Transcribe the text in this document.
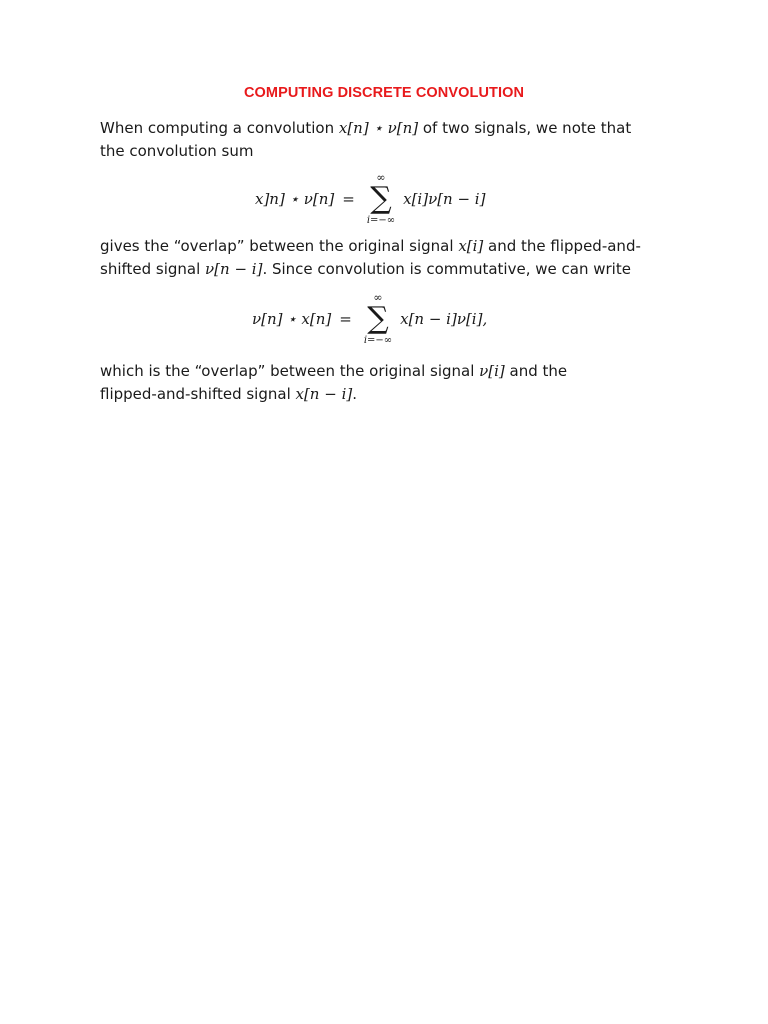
COMPUTING DISCRETE CONVOLUTION
When computing a convolution x[n] ⋆ ν[n] of two signals, we note that
the convolution sum
x]n] ⋆ ν[n] =
∞
∑
i=−∞
x[i]ν[n − i]
gives the “overlap” between the original signal x[i] and the flipped-and-
shifted signal ν[n − i]. Since convolution is commutative, we can write
ν[n] ⋆ x[n] =
∞
∑
i=−∞
x[n − i]ν[i],
which is the “overlap” between the original signal ν[i] and the
flipped-and-shifted signal x[n − i].
